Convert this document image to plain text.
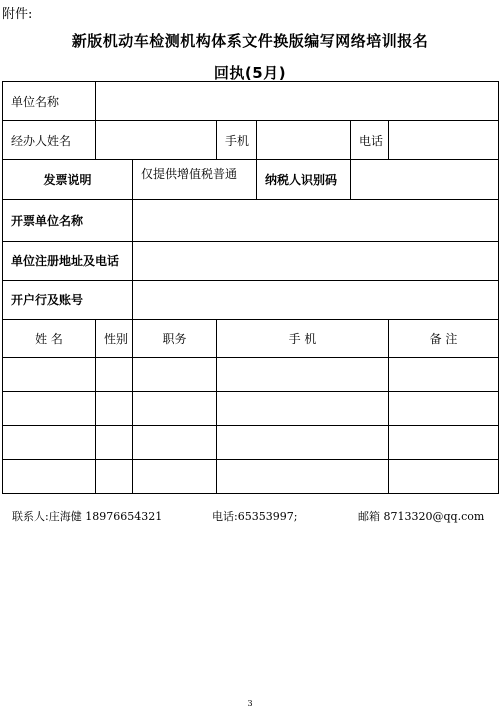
附件:
新版机动车检测机构体系文件换版编写网络培训报名
回执(5月)
单位名称						
经办人姓名			手机		电话	
发票说明		仅提供增值税普通		纳税人识别码		
开票单位名称						
单位注册地址及电话						
开户行及账号						
姓 名	性别	职务	手 机			备 注

联系人:庄海健 18976654321	电话:65353997;	邮箱 8713320@qq.com
3
